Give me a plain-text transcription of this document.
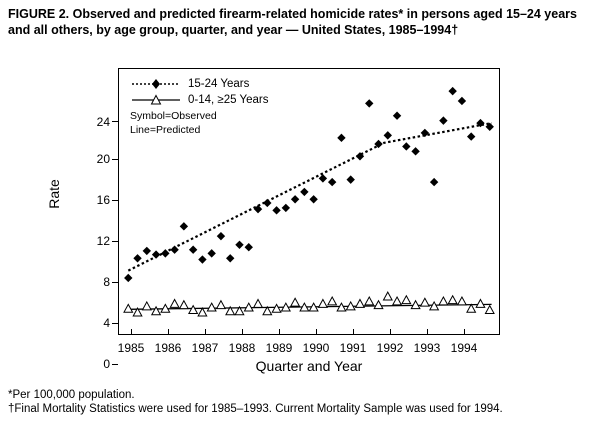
FIGURE 2. Observed and predicted firearm-related homicide rates* in persons aged 15–24 years and all others, by age group, quarter, and year — United States, 1985–1994†
Rate
Quarter and Year
24
20
16
12
8
4
0
1985 1986 1987 1988 1989 1990 1991 1992 1993 1994
15-24 Years
0-14, ≥25 Years
Symbol=Observed
Line=Predicted
*Per 100,000 population.
†Final Mortality Statistics were used for 1985–1993. Current Mortality Sample was used for 1994.
